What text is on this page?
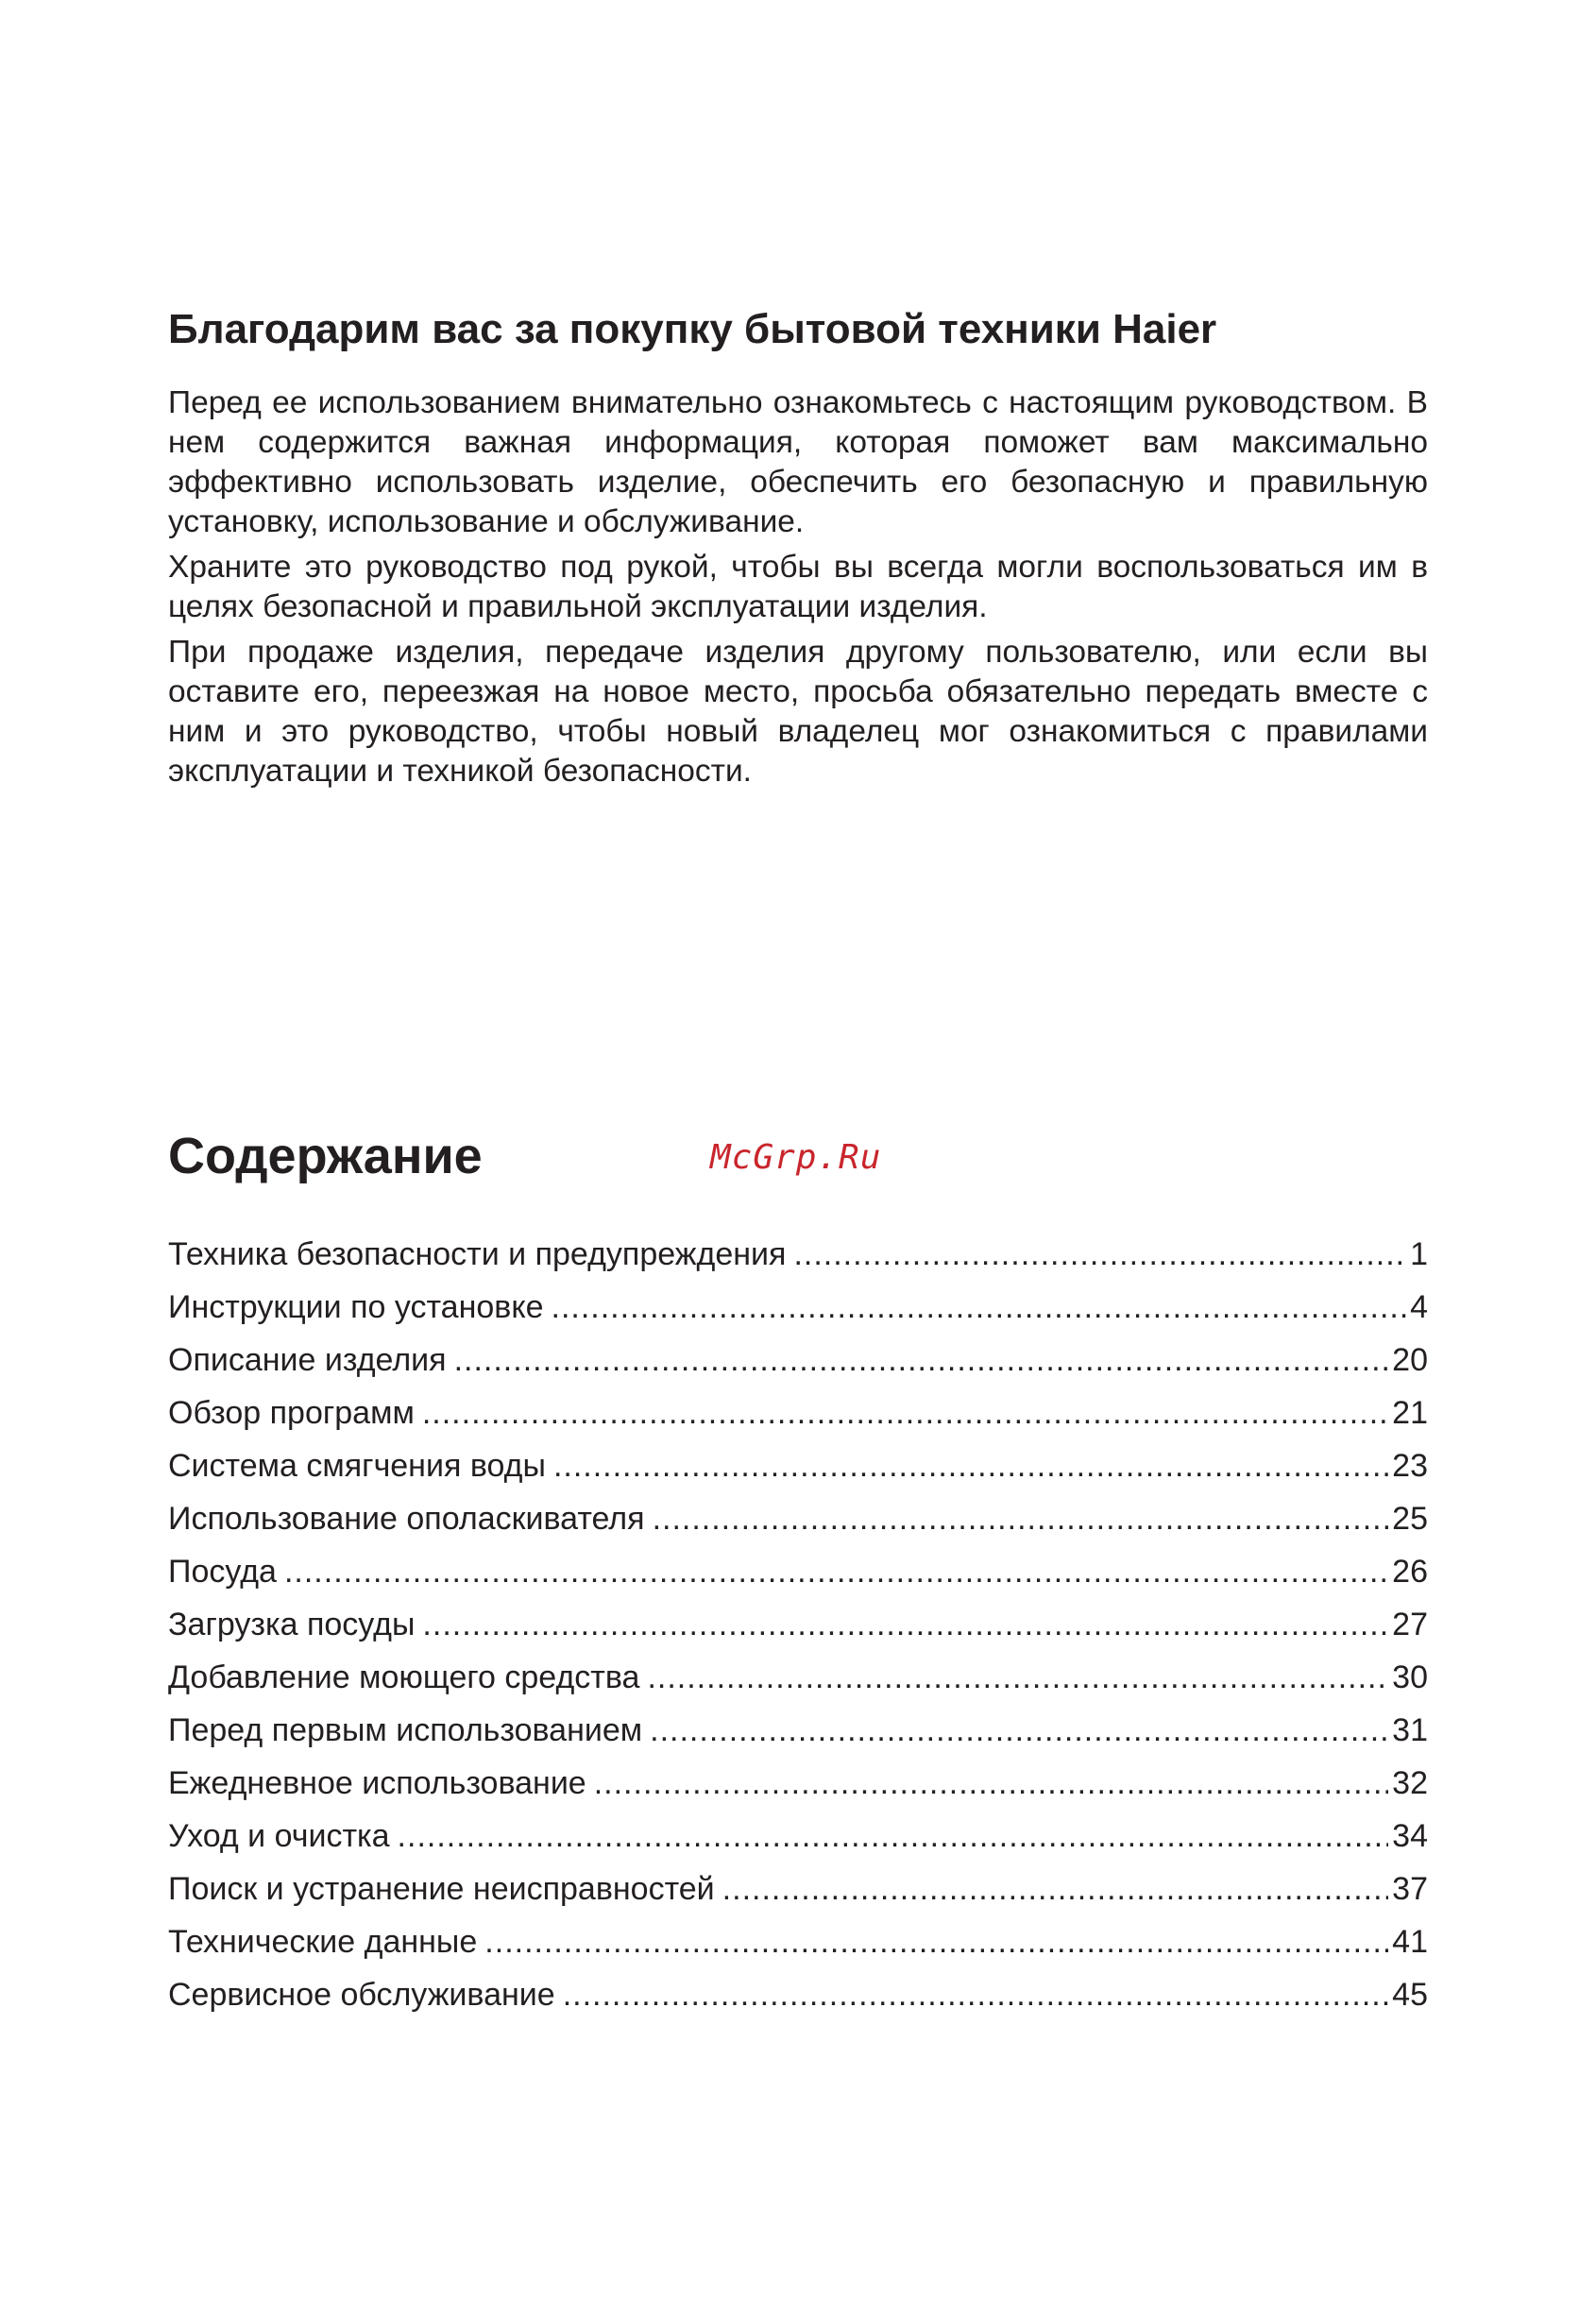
Благодарим вас за покупку бытовой техники Haier

Перед ее использованием внимательно ознакомьтесь с настоящим руководством. В нем содержится важная информация, которая поможет вам максимально эффективно использовать изделие, обеспечить его безопасную и правильную установку, использование и обслуживание.

Храните это руководство под рукой, чтобы вы всегда могли воспользоваться им в целях безопасной и правильной эксплуатации изделия.

При продаже изделия, передаче изделия другому пользователю, или если вы оставите его, переезжая на новое место, просьба обязательно передать вместе с ним и это руководство, чтобы новый владелец мог ознакомиться с правилами эксплуатации и техникой безопасности.

Содержание	McGrp.Ru
Техника безопасности и предупреждения .....	1
Инструкции по установке .....	4
Описание изделия .....	20
Обзор программ .....	21
Система смягчения воды .....	23
Использование ополаскивателя .....	25
Посуда .....	26
Загрузка посуды .....	27
Добавление моющего средства .....	30
Перед первым использованием .....	31
Ежедневное использование .....	32
Уход и очистка .....	34
Поиск и устранение неисправностей .....	37
Технические данные .....	41
Сервисное обслуживание .....	45
